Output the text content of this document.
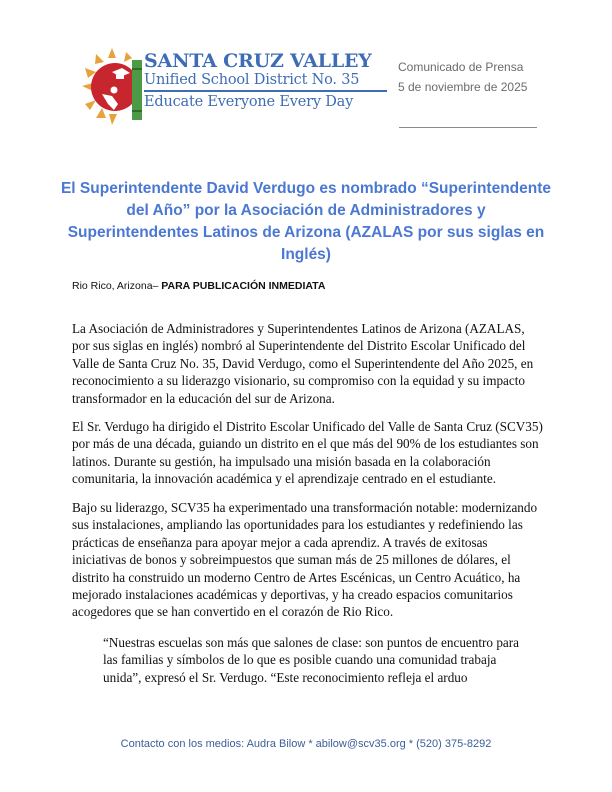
SANTA CRUZ VALLEY
Unified School District No. 35
Educate Everyone Every Day
Comunicado de Prensa
5 de noviembre de 2025
El Superintendente David Verdugo es nombrado “Superintendente del Año” por la Asociación de Administradores y Superintendentes Latinos de Arizona (AZALAS por sus siglas en Inglés)
Rio Rico, Arizona– PARA PUBLICACIÓN INMEDIATA
La Asociación de Administradores y Superintendentes Latinos de Arizona (AZALAS, por sus siglas en inglés) nombró al Superintendente del Distrito Escolar Unificado del Valle de Santa Cruz No. 35, David Verdugo, como el Superintendente del Año 2025, en reconocimiento a su liderazgo visionario, su compromiso con la equidad y su impacto transformador en la educación del sur de Arizona.
El Sr. Verdugo ha dirigido el Distrito Escolar Unificado del Valle de Santa Cruz (SCV35) por más de una década, guiando un distrito en el que más del 90% de los estudiantes son latinos. Durante su gestión, ha impulsado una misión basada en la colaboración comunitaria, la innovación académica y el aprendizaje centrado en el estudiante.
Bajo su liderazgo, SCV35 ha experimentado una transformación notable: modernizando sus instalaciones, ampliando las oportunidades para los estudiantes y redefiniendo las prácticas de enseñanza para apoyar mejor a cada aprendiz. A través de exitosas iniciativas de bonos y sobreimpuestos que suman más de 25 millones de dólares, el distrito ha construido un moderno Centro de Artes Escénicas, un Centro Acuático, ha mejorado instalaciones académicas y deportivas, y ha creado espacios comunitarios acogedores que se han convertido en el corazón de Rio Rico.
“Nuestras escuelas son más que salones de clase: son puntos de encuentro para las familias y símbolos de lo que es posible cuando una comunidad trabaja unida”, expresó el Sr. Verdugo. “Este reconocimiento refleja el arduo
Contacto con los medios: Audra Bilow * abilow@scv35.org * (520) 375-8292
